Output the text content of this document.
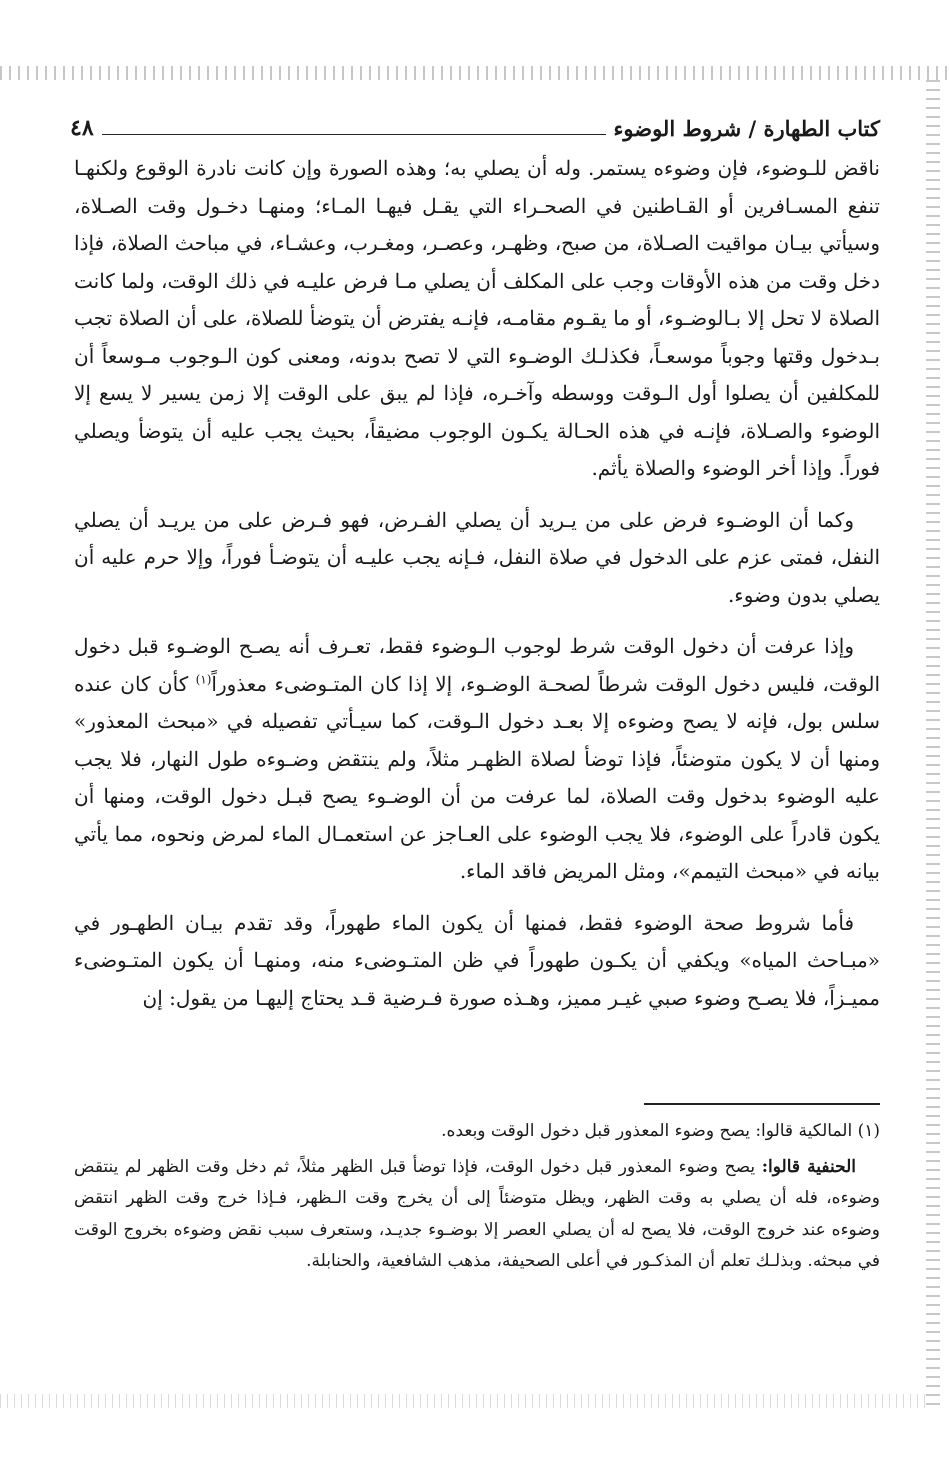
كتاب الطهارة / شروط الوضوء
٤٨

ناقض للـوضوء، فإن وضوءه يستمر. وله أن يصلي به؛ وهذه الصورة وإن كانت نادرة الوقوع ولكنهـا تنفع المسـافرين أو القـاطنين في الصحـراء التي يقـل فيهـا المـاء؛ ومنهـا دخـول وقت الصـلاة، وسيأتي بيـان مواقيت الصـلاة، من صبح، وظهـر، وعصـر، ومغـرب، وعشـاء، في مباحث الصلاة، فإذا دخل وقت من هذه الأوقات وجب على المكلف أن يصلي مـا فرض عليـه في ذلك الوقت، ولما كانت الصلاة لا تحل إلا بـالوضـوء، أو ما يقـوم مقامـه، فإنـه يفترض أن يتوضأ للصلاة، على أن الصلاة تجب بـدخول وقتها وجوباً موسعـاً، فكذلـك الوضـوء التي لا تصح بدونه، ومعنى كون الـوجوب مـوسعاً أن للمكلفين أن يصلوا أول الـوقت ووسطه وآخـره، فإذا لم يبق على الوقت إلا زمن يسير لا يسع إلا الوضوء والصـلاة، فإنـه في هذه الحـالة يكـون الوجوب مضيقاً، بحيث يجب عليه أن يتوضأ ويصلي فوراً. وإذا أخر الوضوء والصلاة يأثم.

وكما أن الوضـوء فرض على من يـريد أن يصلي الفـرض، فهو فـرض على من يريـد أن يصلي النفل، فمتى عزم على الدخول في صلاة النفل، فـإنه يجب عليـه أن يتوضـأ فوراً، وإلا حرم عليه أن يصلي بدون وضوء.

وإذا عرفت أن دخول الوقت شرط لوجوب الـوضوء فقط، تعـرف أنه يصـح الوضـوء قبل دخول الوقت، فليس دخول الوقت شرطاً لصحـة الوضـوء، إلا إذا كان المتـوضىء معذوراً$^{(١)}$ كأن كان عنده سلس بول، فإنه لا يصح وضوءه إلا بعـد دخول الـوقت، كما سيـأتي تفصيله في «مبحث المعذور» ومنها أن لا يكون متوضئاً، فإذا توضأ لصلاة الظهـر مثلاً، ولم ينتقض وضـوءه طول النهار، فلا يجب عليه الوضوء بدخول وقت الصلاة، لما عرفت من أن الوضـوء يصح قبـل دخول الوقت، ومنها أن يكون قادراً على الوضوء، فلا يجب الوضوء على العـاجز عن استعمـال الماء لمرض ونحوه، مما يأتي بيانه في «مبحث التيمم»، ومثل المريض فاقد الماء.

فأما شروط صحة الوضوء فقط، فمنها أن يكون الماء طهوراً، وقد تقدم بيـان الطهـور في «مبـاحث المياه» ويكفي أن يكـون طهوراً في ظن المتـوضىء منه، ومنهـا أن يكون المتـوضىء مميـزاً، فلا يصـح وضوء صبي غيـر مميز، وهـذه صورة فـرضية قـد يحتاج إليهـا من يقول: إن

(١) المالكية قالوا: يصح وضوء المعذور قبل دخول الوقت وبعده.

الحنفية قالوا: يصح وضوء المعذور قبل دخول الوقت، فإذا توضأ قبل الظهر مثلاً، ثم دخل وقت الظهر لم ينتقض وضوءه، فله أن يصلي به وقت الظهر، ويظل متوضئاً إلى أن يخرج وقت الـظهر، فـإذا خرج وقت الظهر انتقض وضوءه عند خروج الوقت، فلا يصح له أن يصلي العصر إلا بوضـوء جديـد، وستعرف سبب نقض وضوءه بخروج الوقت في مبحثه. وبذلـك تعلم أن المذكـور في أعلى الصحيفة، مذهب الشافعية، والحنابلة.
